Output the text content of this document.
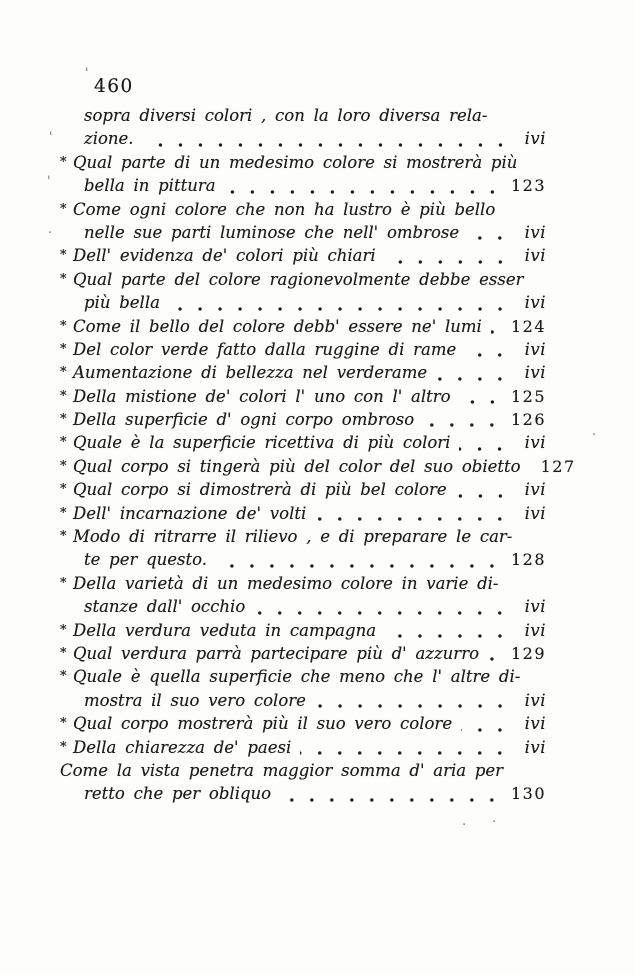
460
sopra diversi colori , con la loro diversa rela-
zione.	ivi
* Qual parte di un medesimo colore si mostrerà più
bella in pittura	123
* Come ogni colore che non ha lustro è più bello
nelle sue parti luminose che nell' ombrose	ivi
* Dell' evidenza de' colori più chiari	ivi
* Qual parte del colore ragionevolmente debbe esser
più bella	ivi
* Come il bello del colore debb' essere ne' lumi 124
* Del color verde fatto dalla ruggine di rame	ivi
* Aumentazione di bellezza nel verderame	ivi
* Della mistione de' colori l' uno con l' altro	125
* Della superficie d' ogni corpo ombroso	126
* Quale è la superficie ricettiva di più colori	ivi
* Qual corpo si tingerà più del color del suo obietto 127
* Qual corpo si dimostrerà di più bel colore	ivi
* Dell' incarnazione de' volti	ivi
* Modo di ritrarre il rilievo , e di preparare le car-
te per questo.	128
* Della varietà di un medesimo colore in varie di-
stanze dall' occhio	ivi
* Della verdura veduta in campagna	ivi
* Qual verdura parrà partecipare più d' azzurro 129
* Quale è quella superficie che meno che l' altre di-
mostra il suo vero colore	ivi
* Qual corpo mostrerà più il suo vero colore	ivi
* Della chiarezza de' paesi	ivi
Come la vista penetra maggior somma d' aria per
retto che per obliquo	130
'
'
'
.
.
. .
